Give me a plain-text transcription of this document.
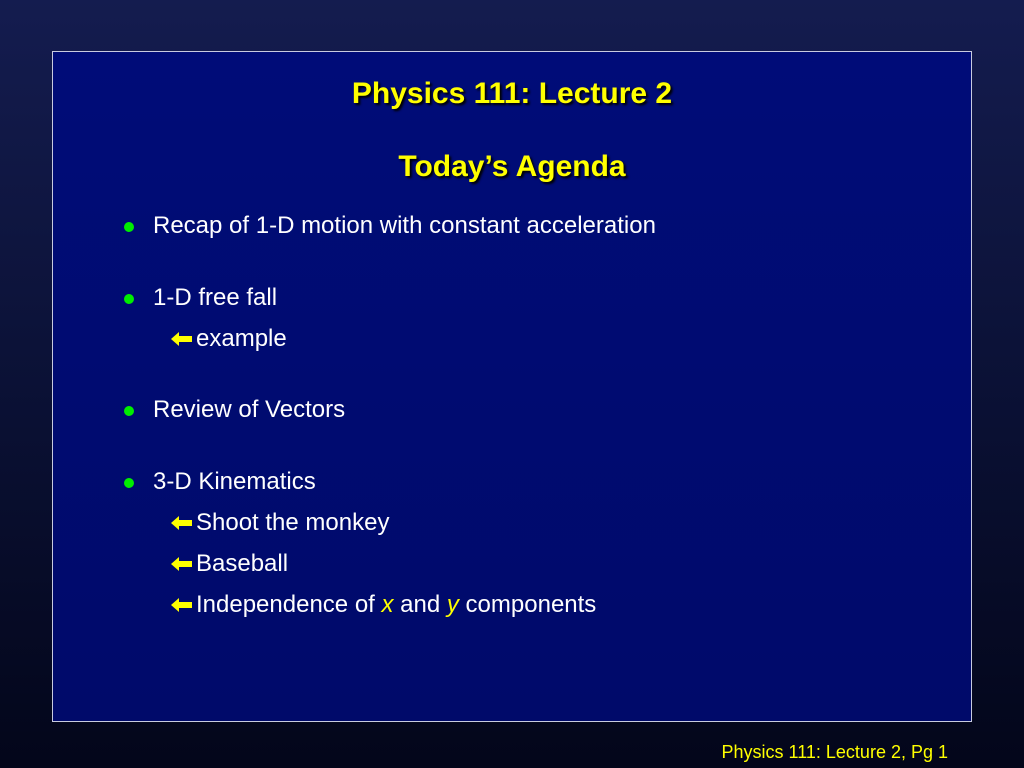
Physics 111: Lecture 2
Today’s Agenda
Recap of 1-D motion with constant acceleration
1-D free fall
example
Review of Vectors
3-D Kinematics
Shoot the monkey
Baseball
Independence of x and y components
Physics 111: Lecture 2, Pg 1
